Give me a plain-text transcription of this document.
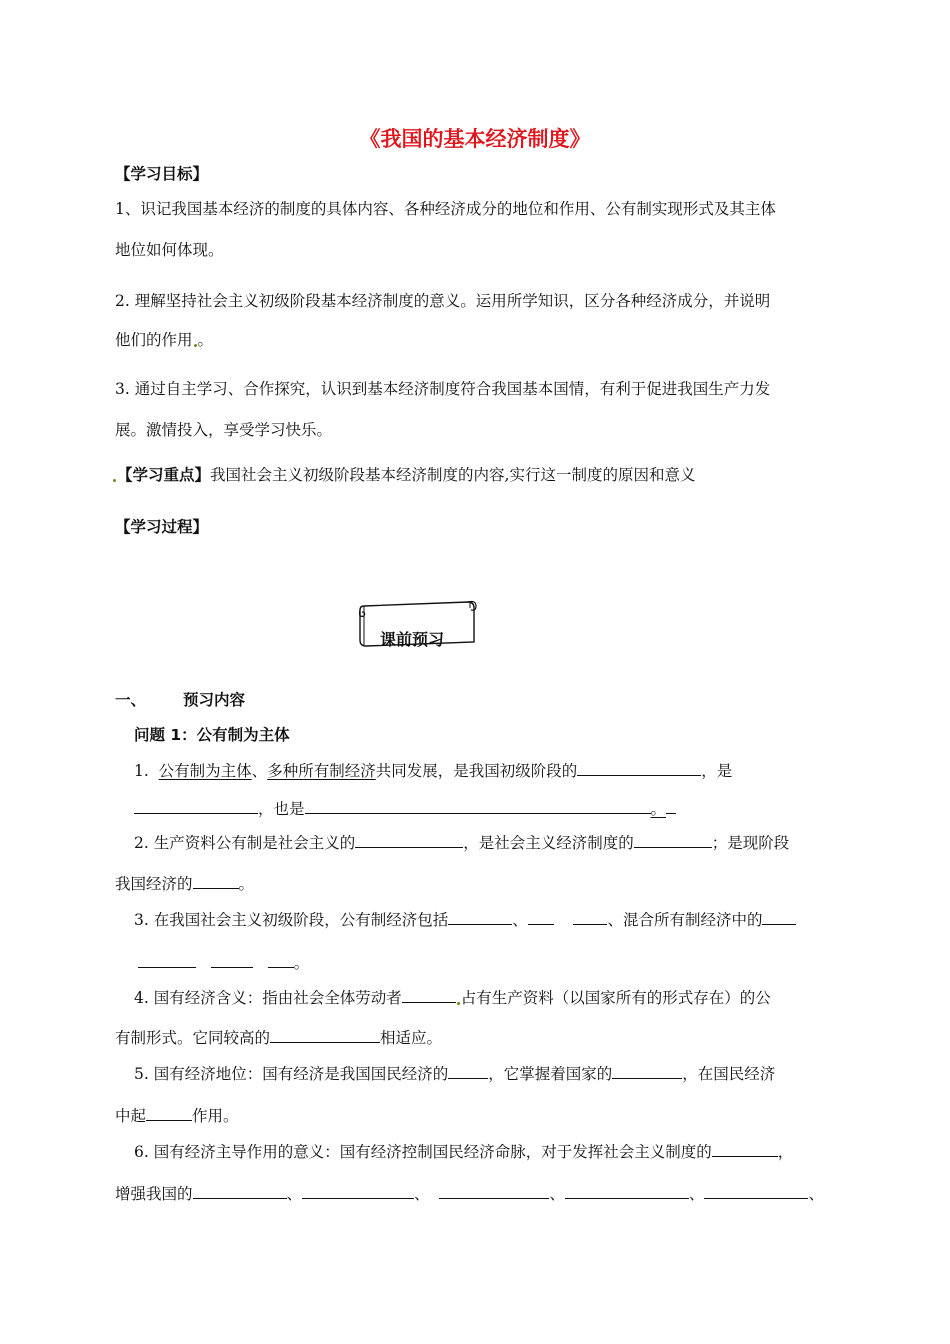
《我国的基本经济制度》
【学习目标】
1、识记我国基本经济的制度的具体内容、各种经济成分的地位和作用、公有制实现形式及其主体
地位如何体现。
2. 理解坚持社会主义初级阶段基本经济制度的意义。运用所学知识，区分各种经济成分，并说明
他们的作用 。
3. 通过自主学习、合作探究，认识到基本经济制度符合我国基本国情，有利于促进我国生产力发
展。激情投入，享受学习快乐。
【学习重点】我国社会主义初级阶段基本经济制度的内容,实行这一制度的原因和意义
【学习过程】
课前预习
一、 预习内容
问题 1：公有制为主体
1. 公有制为主体、多种所有制经济共同发展，是我国初级阶段的	，是
，也是	。
2. 生产资料公有制是社会主义的	，是社会主义经济制度的	；是现阶段
我国经济的	。
3. 在我国社会主义初级阶段，公有制经济包括	、	、混合所有制经济中的
。
4. 国有经济含义：指由社会全体劳动者	占有生产资料（以国家所有的形式存在）的公
有制形式。它同较高的	相适应。
5. 国有经济地位：国有经济是我国国民经济的	，它掌握着国家的	，在国民经济
中起	作用。
6. 国有经济主导作用的意义：国有经济控制国民经济命脉，对于发挥社会主义制度的	，
增强我国的	、	、	、	、	、
